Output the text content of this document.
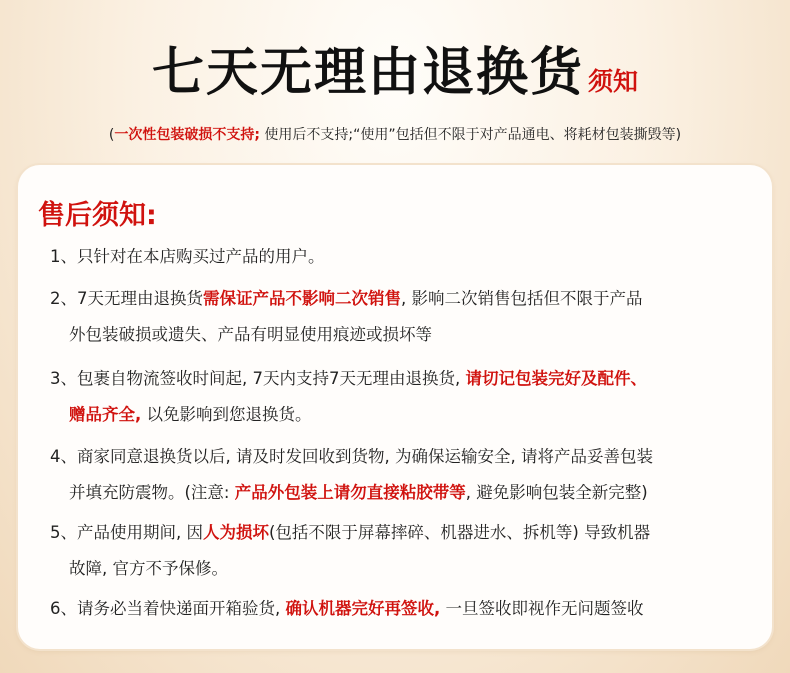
七天无理由退换货 须知
(一次性包装破损不支持; 使用后不支持;“使用”包括但不限于对产品通电、将耗材包装撕毁等)
售后须知:
1、只针对在本店购买过产品的用户。
2、7天无理由退换货需保证产品不影响二次销售, 影响二次销售包括但不限于产品
外包装破损或遗失、产品有明显使用痕迹或损坏等
3、包裹自物流签收时间起, 7天内支持7天无理由退换货, 请切记包装完好及配件、
赠品齐全, 以免影响到您退换货。
4、商家同意退换货以后, 请及时发回收到货物, 为确保运输安全, 请将产品妥善包装
并填充防震物。(注意: 产品外包装上请勿直接粘胶带等, 避免影响包装全新完整)
5、产品使用期间, 因人为损坏(包括不限于屏幕摔碎、机器进水、拆机等) 导致机器
故障, 官方不予保修。
6、请务必当着快递面开箱验货, 确认机器完好再签收, 一旦签收即视作无问题签收
